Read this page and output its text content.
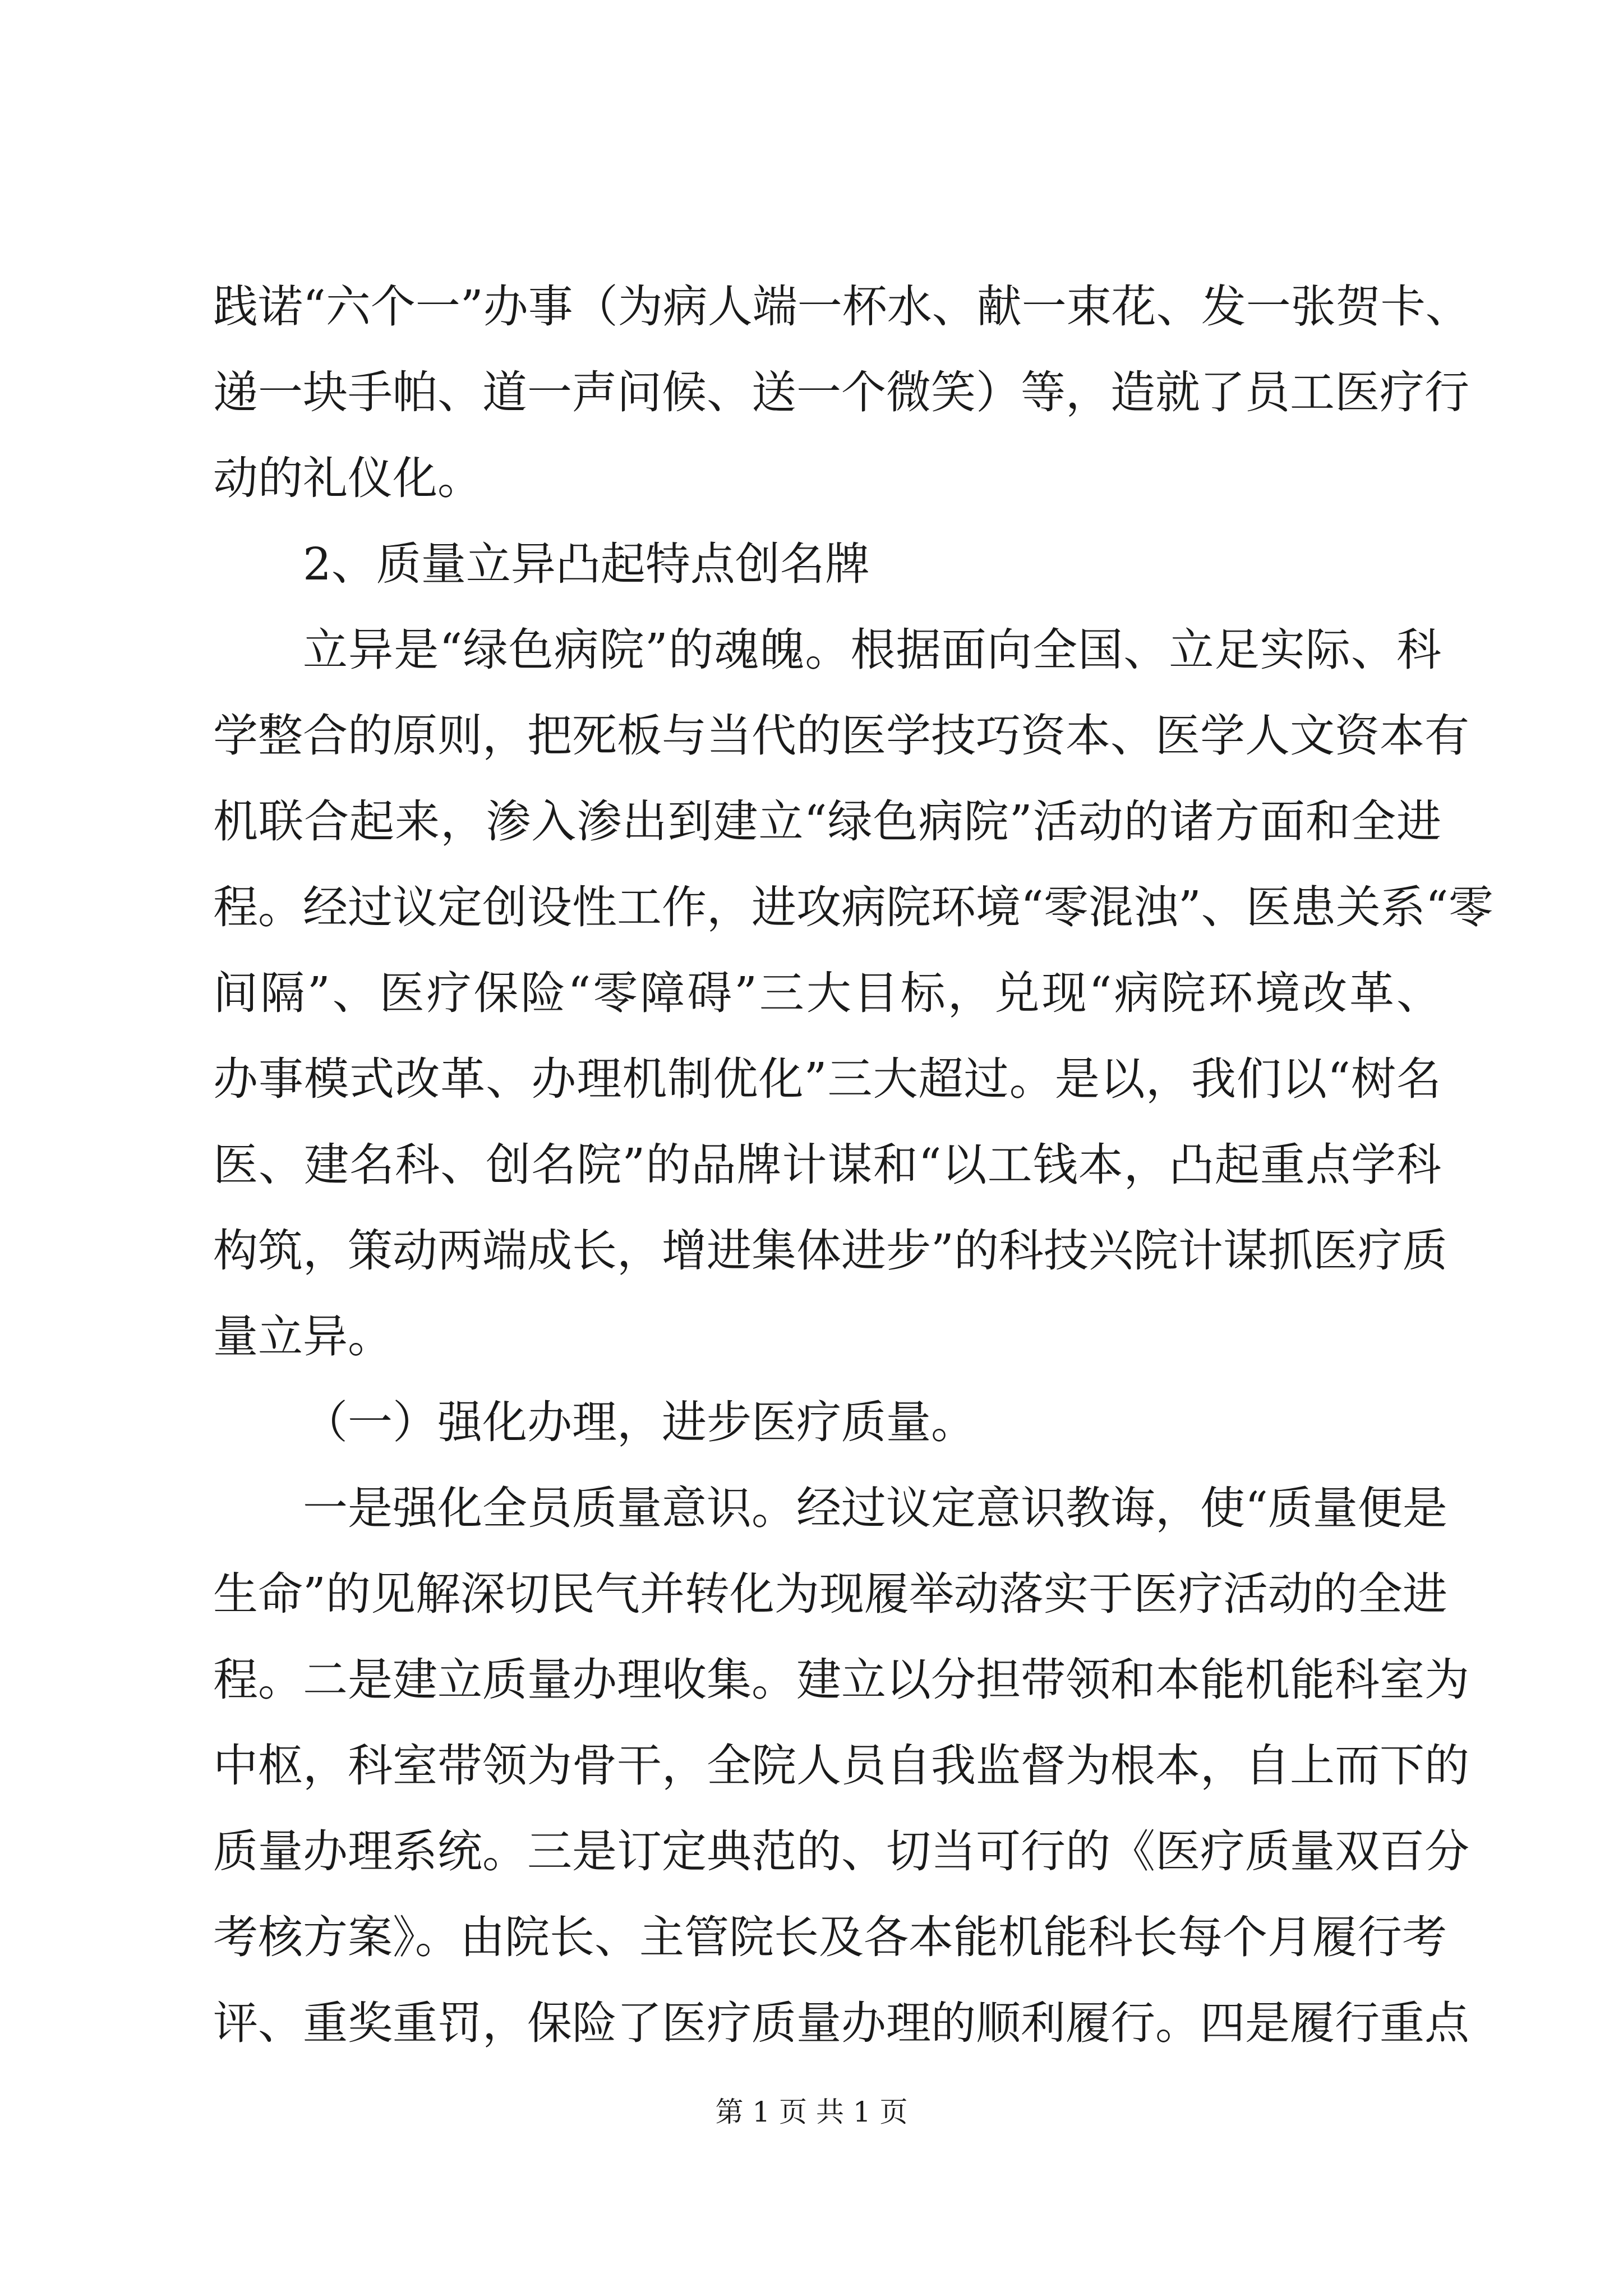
践诺“六个一”办事（为病人端一杯水、献一束花、发一张贺卡、
递一块手帕、道一声问候、送一个微笑）等，造就了员工医疗行
动的礼仪化。
2、质量立异凸起特点创名牌
立异是“绿色病院”的魂魄。根据面向全国、立足实际、科
学整合的原则，把死板与当代的医学技巧资本、医学人文资本有
机联合起来，渗入渗出到建立“绿色病院”活动的诸方面和全进
程。经过议定创设性工作，进攻病院环境“零混浊”、医患关系“零
间隔”、医疗保险“零障碍”三大目标，兑现“病院环境改革、
办事模式改革、办理机制优化”三大超过。是以，我们以“树名
医、建名科、创名院”的品牌计谋和“以工钱本，凸起重点学科
构筑，策动两端成长，增进集体进步”的科技兴院计谋抓医疗质
量立异。
（一）强化办理，进步医疗质量。
一是强化全员质量意识。经过议定意识教诲，使“质量便是
生命”的见解深切民气并转化为现履举动落实于医疗活动的全进
程。二是建立质量办理收集。建立以分担带领和本能机能科室为
中枢，科室带领为骨干，全院人员自我监督为根本，自上而下的
质量办理系统。三是订定典范的、切当可行的《医疗质量双百分
考核方案》。由院长、主管院长及各本能机能科长每个月履行考
评、重奖重罚，保险了医疗质量办理的顺利履行。四是履行重点
第 1 页 共 1 页
